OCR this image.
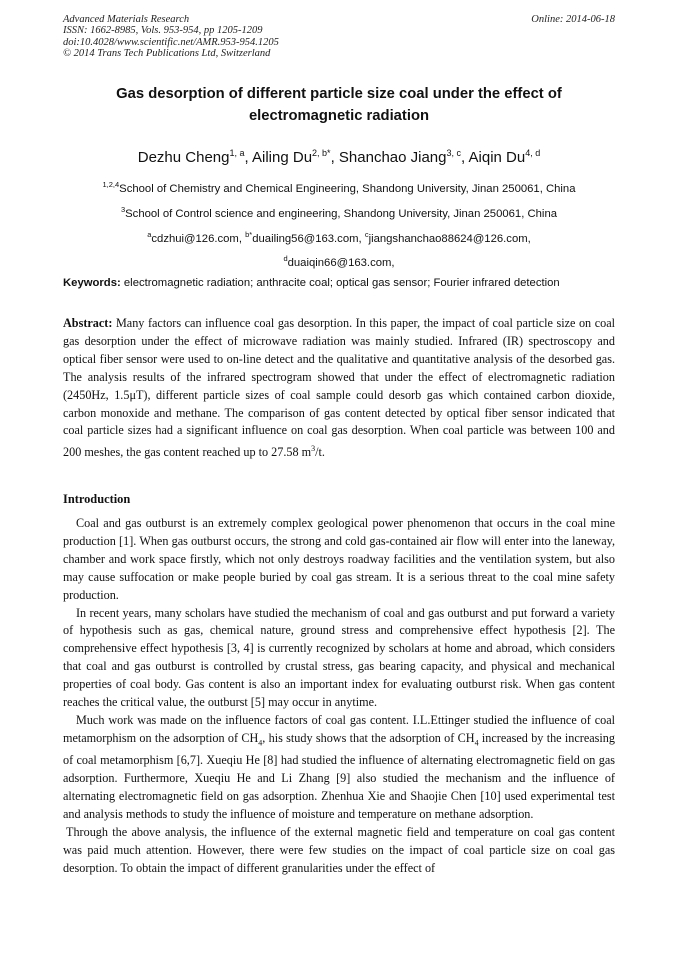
Advanced Materials Research
ISSN: 1662-8985, Vols. 953-954, pp 1205-1209
doi:10.4028/www.scientific.net/AMR.953-954.1205
© 2014 Trans Tech Publications Ltd, Switzerland
Online: 2014-06-18
Gas desorption of different particle size coal under the effect of
electromagnetic radiation
Dezhu Cheng$^{1, a}$, Ailing $Du^{2, b*}$, Shanchao Jiang$^{3, c}$, Aiqin Du$^{4, d}$
$^{1,2,4}$School of Chemistry and Chemical Engineering, Shandong University, Jinan 250061, China
$^3$School of Control science and engineering, Shandong University, Jinan 250061, China
$^a$cdzhui@126.com, $^{b*}$duailing56@163.com, $^c$jiangshanchao88624@126.com,
$^d$duaiqin66@163.com,
Keywords: electromagnetic radiation; anthracite coal; optical gas sensor; Fourier infrared detection
Abstract: Many factors can influence coal gas desorption. In this paper, the impact of coal particle size on coal gas desorption under the effect of microwave radiation was mainly studied. Infrared (IR) spectroscopy and optical fiber sensor were used to on-line detect and the qualitative and quantitative analysis of the desorbed gas. The analysis results of the infrared spectrogram showed that under the effect of electromagnetic radiation (2450Hz, 1.5μT), different particle sizes of coal sample could desorb gas which contained carbon dioxide, carbon monoxide and methane. The comparison of gas content detected by optical fiber sensor indicated that coal particle sizes had a significant influence on coal gas desorption. When coal particle was between 100 and 200 meshes, the gas content reached up to 27.58 $m^3/t$.
Introduction

Coal and gas outburst is an extremely complex geological power phenomenon that occurs in the coal mine production [1]. When gas outburst occurs, the strong and cold gas-contained air flow will enter into the laneway, chamber and work space firstly, which not only destroys roadway facilities and the ventilation system, but also may cause suffocation or make people buried by coal gas stream. It is a serious threat to the coal mine safety production.

In recent years, many scholars have studied the mechanism of coal and gas outburst and put forward a variety of hypothesis such as gas, chemical nature, ground stress and comprehensive effect hypothesis [2]. The comprehensive effect hypothesis [3, 4] is currently recognized by scholars at home and abroad, which considers that coal and gas outburst is controlled by crustal stress, gas bearing capacity, and physical and mechanical properties of coal body. Gas content is also an important index for evaluating outburst risk. When gas content reaches the critical value, the outburst [5] may occur in anytime.

Much work was made on the influence factors of coal gas content. I.L.Ettinger studied the influence of coal metamorphism on the adsorption of $CH_4$, his study shows that the adsorption of $CH_4$ increased by the increasing of coal metamorphism [6,7]. Xueqiu He [8] had studied the influence of alternating electromagnetic field on gas adsorption. Furthermore, Xueqiu He and Li Zhang [9] also studied the mechanism and the influence of alternating electromagnetic field on gas adsorption. Zhenhua Xie and Shaojie Chen [10] used experimental test and analysis methods to study the influence of moisture and temperature on methane adsorption.

Through the above analysis, the influence of the external magnetic field and temperature on coal gas content was paid much attention. However, there were few studies on the impact of coal particle size on coal gas desorption. To obtain the impact of different granularities under the effect of
